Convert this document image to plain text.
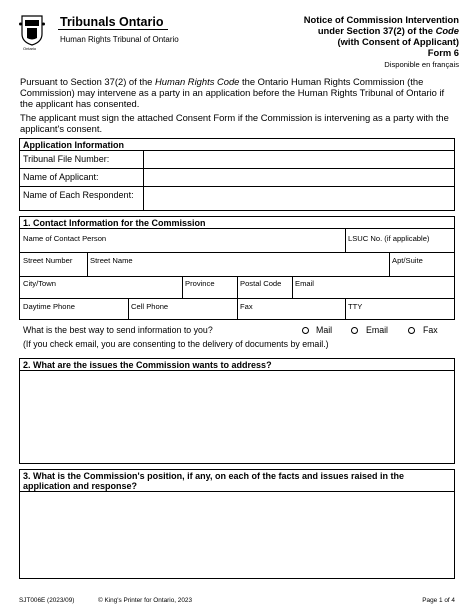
Ontario
Tribunals Ontario
Human Rights Tribunal of Ontario
Notice of Commission Intervention
under Section 37(2) of the Code
(with Consent of Applicant)
Form 6
Disponible en français
Pursuant to Section 37(2) of the Human Rights Code the Ontario Human Rights Commission (the Commission) may intervene as a party in an application before the Human Rights Tribunal of Ontario if the applicant has consented.
The applicant must sign the attached Consent Form if the Commission is intervening as a party with the applicant's consent.
Application Information
Tribunal File Number:
Name of Applicant:
Name of Each Respondent:
1. Contact Information for the Commission
Name of Contact Person	LSUC No. (if applicable)
Street Number Street Name	Apt/Suite
City/Town	Province	Postal Code Email
Daytime Phone	Cell Phone	Fax	TTY
What is the best way to send information to you?	Mail	Email	Fax
(If you check email, you are consenting to the delivery of documents by email.)
2. What are the issues the Commission wants to address?
3. What is the Commission's position, if any, on each of the facts and issues raised in the
application and response?
SJT006E (2023/09)	© King's Printer for Ontario, 2023	Page 1 of 4
